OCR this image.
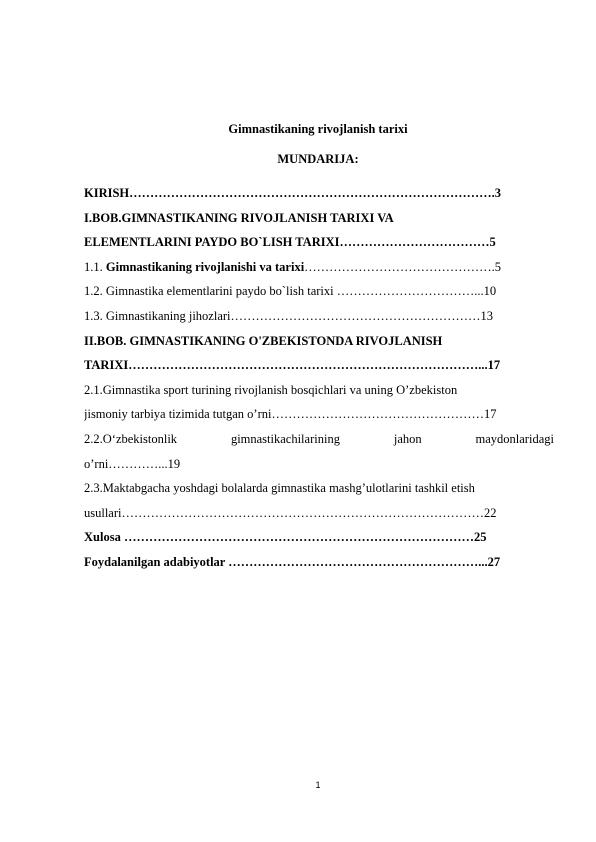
Gimnastikaning rivojlanish tarixi
MUNDARIJA:
KIRISH…………………………………………………………………………….3
I.BOB.GIMNASTIKANING RIVOJLANISH TARIXI VA
ELEMENTLARINI PAYDO BO`LISH TARIXI………………………………5
1.1. Gimnastikaning rivojlanishi va tarixi……………………………………….5
1.2. Gimnastika elementlarini paydo bo`lish tarixi ……………………………...10
1.3. Gimnastikaning jihozlari……………………………………………………13
II.BOB. GIMNASTIKANING O'ZBEKISTONDA RIVOJLANISH
TARIXI…………………………………………………………………………...17
2.1.Gimnastika sport turining rivojlanish bosqichlari va uning O’zbekiston
jismoniy tarbiya tizimida tutgan o’rni……………………………………………17
2.2.O‘zbekistonlik	gimnastikachilarining	jahon	maydonlaridagi
o’rni…………...19
2.3.Maktabgacha yoshdagi bolalarda gimnastika mashg’ulotlarini tashkil etish
usullari……………………………………………………………………………22
Xulosa …………………………………………………………………………25
Foydalanilgan adabiyotlar ……………………………………………………...27
1
